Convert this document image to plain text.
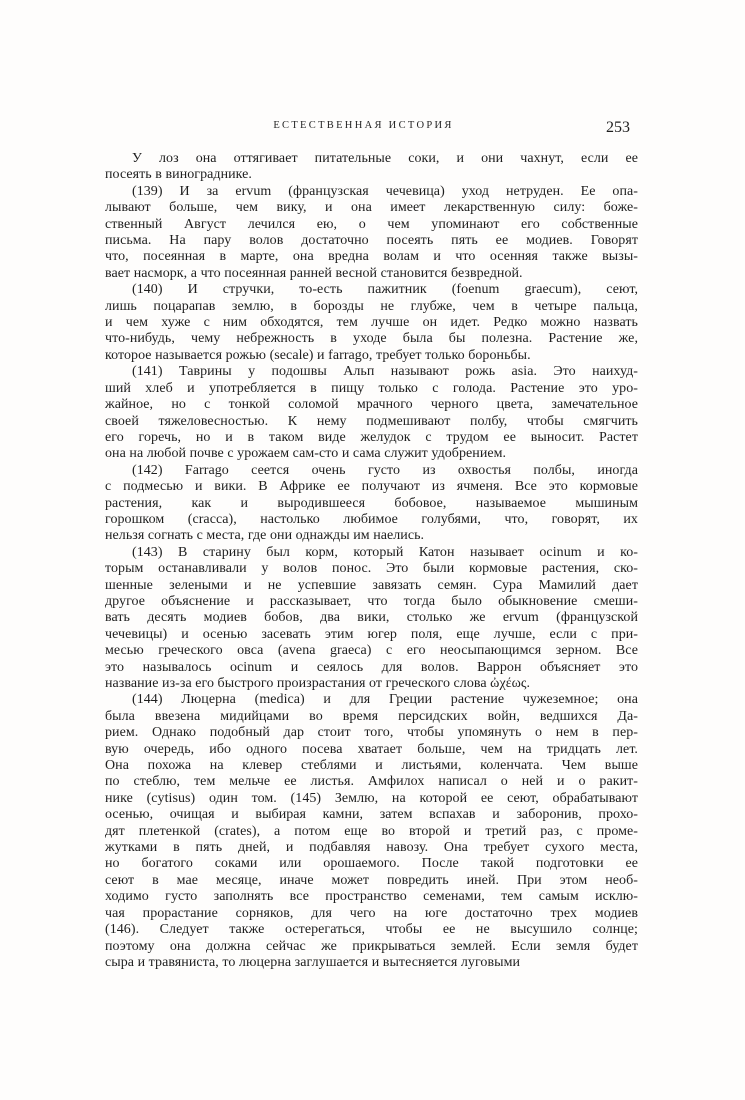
ЕСТЕСТВЕННАЯ ИСТОРИЯ	253

У лоз она оттягивает питательные соки, и они чахнут, если ее
посеять в винограднике.

(139) И за ervum (французская чечевица) уход нетруден. Ее опа-
лывают больше, чем вику, и она имеет лекарственную силу: боже-
ственный Август лечился ею, о чем упоминают его собственные
письма. На пару волов достаточно посеять пять ее модиев. Говорят
что, посеянная в марте, она вредна волам и что осенняя также вызы-
вает насморк, а что посеянная ранней весной становится безвредной.

(140) И стручки, то-есть пажитник (foenum graecum), сеют,
лишь поцарапав землю, в борозды не глубже, чем в четыре пальца,
и чем хуже с ним обходятся, тем лучше он идет. Редко можно назвать
что-нибудь, чему небрежность в уходе была бы полезна. Растение же,
которое называется рожью (secale) и farrago, требует только бороньбы.

(141) Таврины у подошвы Альп называют рожь asia. Это наихуд-
ший хлеб и употребляется в пищу только с голода. Растение это уро-
жайное, но с тонкой соломой мрачного черного цвета, замечательное
своей тяжеловесностью. К нему подмешивают полбу, чтобы смягчить
его горечь, но и в таком виде желудок с трудом ее выносит. Растет
она на любой почве с урожаем сам-сто и сама служит удобрением.

(142) Farrago сеется очень густо из охвостья полбы, иногда
с подмесью и вики. В Африке ее получают из ячменя. Все это кормовые
растения, как и выродившееся бобовое, называемое мышиным
горошком (cracca), настолько любимое голубями, что, говорят, их
нельзя согнать с места, где они однажды им наелись.

(143) В старину был корм, который Катон называет ocinum и ко-
торым останавливали у волов понос. Это были кормовые растения, ско-
шенные зелеными и не успевшие завязать семян. Сура Мамилий дает
другое объяснение и рассказывает, что тогда было обыкновение смеши-
вать десять модиев бобов, два вики, столько же ervum (французской
чечевицы) и осенью засевать этим югер поля, еще лучше, если с при-
месью греческого овса (avena graeca) с его неосыпающимся зерном. Все
это называлось ocinum и сеялось для волов. Варрон объясняет это
название из-за его быстрого произрастания от греческого слова ὠχέως.

(144) Люцерна (medica) и для Греции растение чужеземное; она
была ввезена мидийцами во время персидских войн, ведшихся Да-
рием. Однако подобный дар стоит того, чтобы упомянуть о нем в пер-
вую очередь, ибо одного посева хватает больше, чем на тридцать лет.
Она похожа на клевер стеблями и листьями, коленчата. Чем выше
по стеблю, тем мельче ее листья. Амфилох написал о ней и о ракит-
нике (cytisus) один том. (145) Землю, на которой ее сеют, обрабатывают
осенью, очищая и выбирая камни, затем вспахав и заборонив, прохо-
дят плетенкой (crates), а потом еще во второй и третий раз, с проме-
жутками в пять дней, и подбавляя навозу. Она требует сухого места,
но богатого соками или орошаемого. После такой подготовки ее
сеют в мае месяце, иначе может повредить иней. При этом необ-
ходимо густо заполнять все пространство семенами, тем самым исклю-
чая прорастание сорняков, для чего на юге достаточно трех модиев
(146). Следует также остерегаться, чтобы ее не высушило солнце;
поэтому она должна сейчас же прикрываться землей. Если земля будет
сыра и травяниста, то люцерна заглушается и вытесняется луговыми
